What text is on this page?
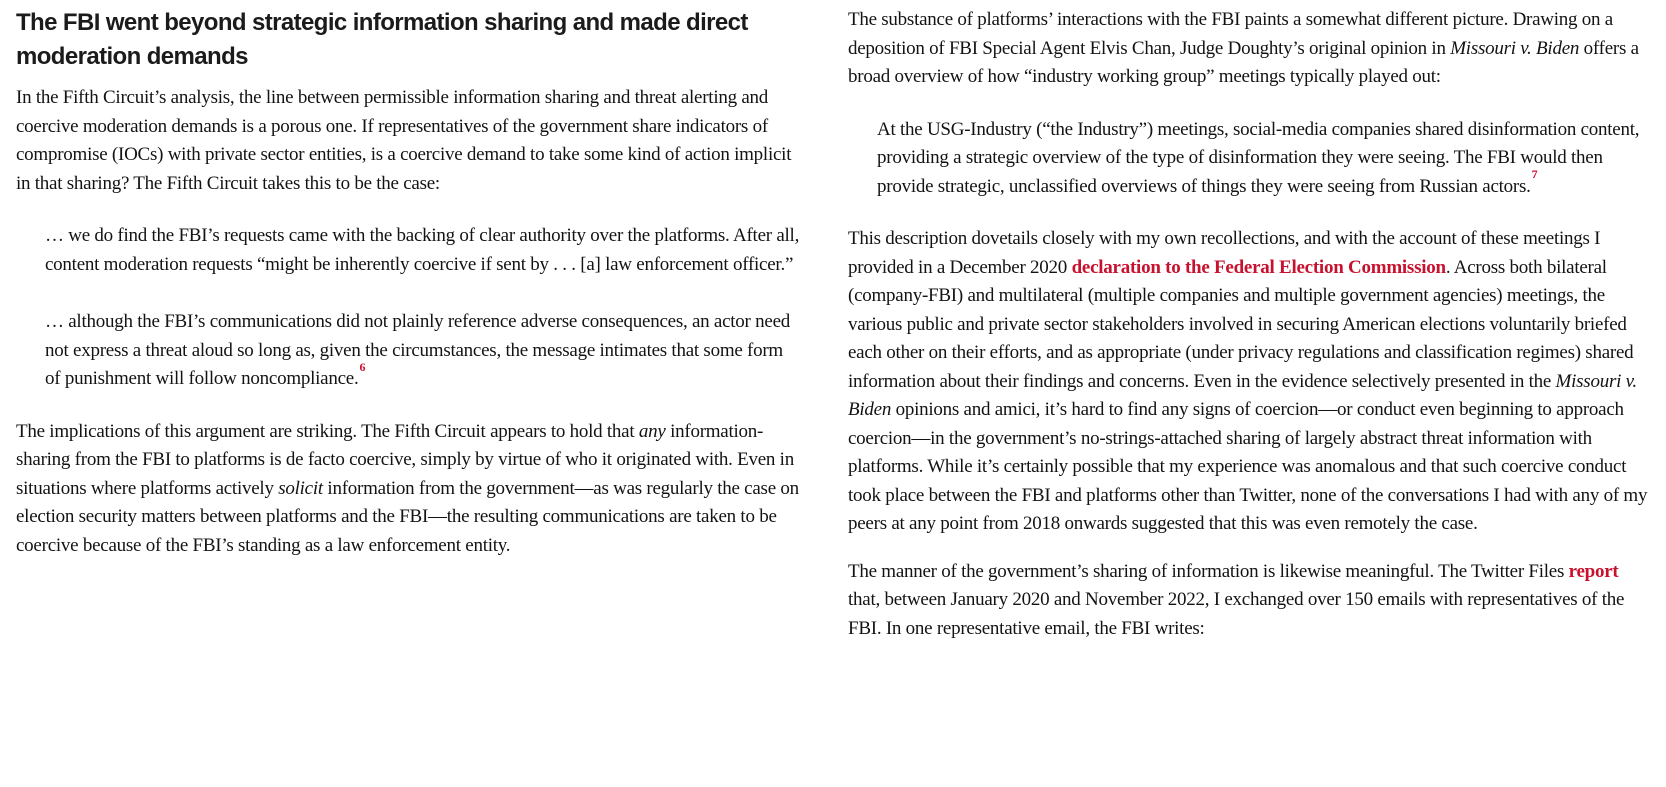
The FBI went beyond strategic information sharing and made direct moderation demands

In the Fifth Circuit’s analysis, the line between permissible information sharing and threat alerting and coercive moderation demands is a porous one. If representatives of the government share indicators of compromise (IOCs) with private sector entities, is a coercive demand to take some kind of action implicit in that sharing? The Fifth Circuit takes this to be the case:

… we do find the FBI’s requests came with the backing of clear authority over the platforms. After all, content moderation requests “might be inherently coercive if sent by . . . [a] law enforcement officer.”

… although the FBI’s communications did not plainly reference adverse consequences, an actor need not express a threat aloud so long as, given the circumstances, the message intimates that some form of punishment will follow noncompliance.$^6$

The implications of this argument are striking. The Fifth Circuit appears to hold that any information-sharing from the FBI to platforms is de facto coercive, simply by virtue of who it originated with. Even in situations where platforms actively solicit information from the government—as was regularly the case on election security matters between platforms and the FBI—the resulting communications are taken to be coercive because of the FBI’s standing as a law enforcement entity.

The substance of platforms’ interactions with the FBI paints a somewhat different picture. Drawing on a deposition of FBI Special Agent Elvis Chan, Judge Doughty’s original opinion in Missouri v. Biden offers a broad overview of how “industry working group” meetings typically played out:

At the USG-Industry (“the Industry”) meetings, social-media companies shared disinformation content, providing a strategic overview of the type of disinformation they were seeing. The FBI would then provide strategic, unclassified overviews of things they were seeing from Russian actors.$^7$

This description dovetails closely with my own recollections, and with the account of these meetings I provided in a December 2020 declaration to the Federal Election Commission. Across both bilateral (company-FBI) and multilateral (multiple companies and multiple government agencies) meetings, the various public and private sector stakeholders involved in securing American elections voluntarily briefed each other on their efforts, and as appropriate (under privacy regulations and classification regimes) shared information about their findings and concerns. Even in the evidence selectively presented in the Missouri v. Biden opinions and amici, it’s hard to find any signs of coercion—or conduct even beginning to approach coercion—in the government’s no-strings-attached sharing of largely abstract threat information with platforms. While it’s certainly possible that my experience was anomalous and that such coercive conduct took place between the FBI and platforms other than Twitter, none of the conversations I had with any of my peers at any point from 2018 onwards suggested that this was even remotely the case.

The manner of the government’s sharing of information is likewise meaningful. The Twitter Files report that, between January 2020 and November 2022, I exchanged over 150 emails with representatives of the FBI. In one representative email, the FBI writes:
